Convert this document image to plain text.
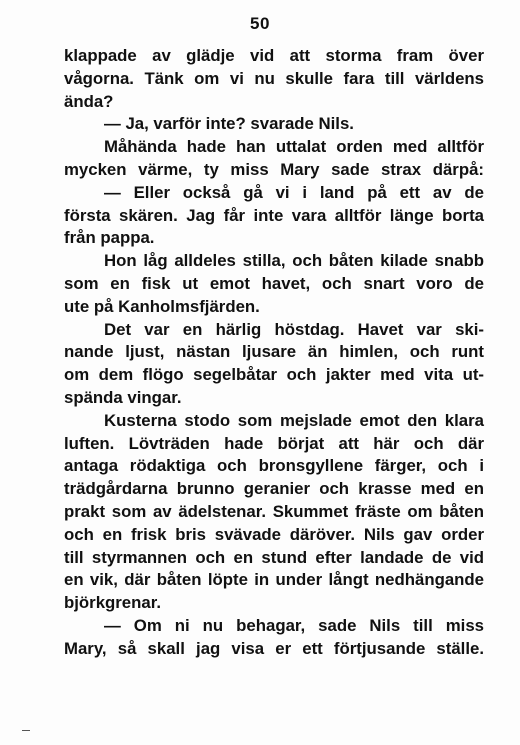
50
klappade av glädje vid att storma fram över
vågorna. Tänk om vi nu skulle fara till världens
ända?
— Ja, varför inte? svarade Nils.
Måhända hade han uttalat orden med alltför
mycken värme, ty miss Mary sade strax därpå:
— Eller också gå vi i land på ett av de
första skären. Jag får inte vara alltför länge borta
från pappa.
Hon låg alldeles stilla, och båten kilade snabb
som en fisk ut emot havet, och snart voro de
ute på Kanholmsfjärden.
Det var en härlig höstdag. Havet var ski-
nande ljust, nästan ljusare än himlen, och runt
om dem flögo segelbåtar och jakter med vita ut-
spända vingar.
Kusterna stodo som mejslade emot den klara
luften. Lövträden hade börjat att här och där
antaga rödaktiga och bronsgyllene färger, och i
trädgårdarna brunno geranier och krasse med en
prakt som av ädelstenar. Skummet fräste om båten
och en frisk bris svävade däröver. Nils gav order
till styrmannen och en stund efter landade de vid
en vik, där båten löpte in under långt nedhängande
björkgrenar.
— Om ni nu behagar, sade Nils till miss
Mary, så skall jag visa er ett förtjusande ställe.
